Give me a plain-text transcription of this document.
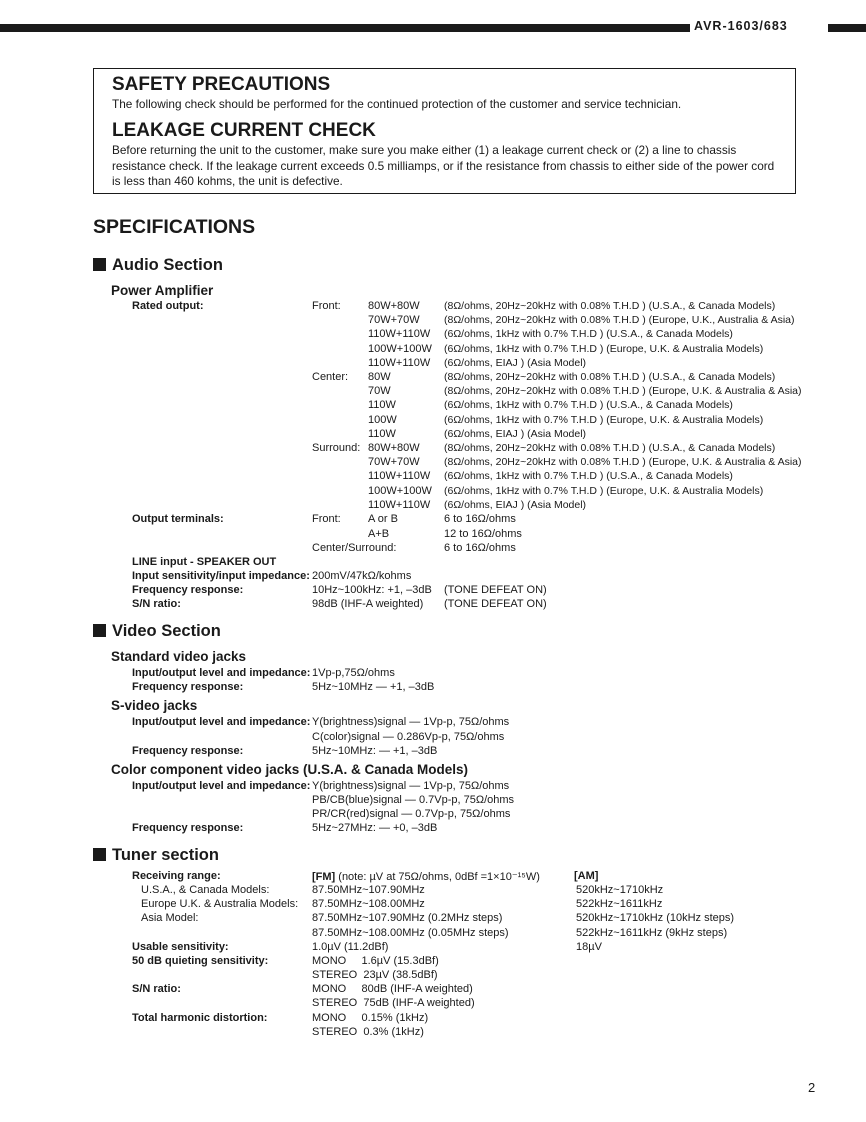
AVR-1603/683
SAFETY PRECAUTIONS
The following check should be performed for the continued protection of the customer and service technician.
LEAKAGE CURRENT CHECK
Before returning the unit to the customer, make sure you make either (1) a leakage current check or (2) a line to chassis resistance check. If the leakage current exceeds 0.5 milliamps, or if the resistance from chassis to either side of the power cord is less than 460 kohms, the unit is defective.
SPECIFICATIONS
Audio Section
Power Amplifier
Rated output:	Front: 80W+80W (8Ω/ohms, 20Hz~20kHz with 0.08% T.H.D ) (U.S.A., & Canada Models)
70W+70W (8Ω/ohms, 20Hz~20kHz with 0.08% T.H.D ) (Europe, U.K., Australia & Asia)
110W+110W (6Ω/ohms, 1kHz with 0.7% T.H.D ) (U.S.A., & Canada Models)
100W+100W (6Ω/ohms, 1kHz with 0.7% T.H.D ) (Europe, U.K. & Australia Models)
110W+110W (6Ω/ohms, EIAJ ) (Asia Model)
Center: 80W	(8Ω/ohms, 20Hz~20kHz with 0.08% T.H.D ) (U.S.A., & Canada Models)
70W	(8Ω/ohms, 20Hz~20kHz with 0.08% T.H.D ) (Europe, U.K. & Australia & Asia)
110W	(6Ω/ohms, 1kHz with 0.7% T.H.D ) (U.S.A., & Canada Models)
100W	(6Ω/ohms, 1kHz with 0.7% T.H.D ) (Europe, U.K. & Australia Models)
110W	(6Ω/ohms, EIAJ ) (Asia Model)
Surround: 80W+80W (8Ω/ohms, 20Hz~20kHz with 0.08% T.H.D ) (U.S.A., & Canada Models)
70W+70W (8Ω/ohms, 20Hz~20kHz with 0.08% T.H.D ) (Europe, U.K. & Australia & Asia)
110W+110W (6Ω/ohms, 1kHz with 0.7% T.H.D ) (U.S.A., & Canada Models)
100W+100W (6Ω/ohms, 1kHz with 0.7% T.H.D ) (Europe, U.K. & Australia Models)
110W+110W (6Ω/ohms, EIAJ ) (Asia Model)
Output terminals:	Front: A or B	6 to 16Ω/ohms
A+B	12 to 16Ω/ohms
Center/Surround:	6 to 16Ω/ohms
LINE input - SPEAKER OUT
Input sensitivity/input impedance: 200mV/47kΩ/kohms
Frequency response:	10Hz~100kHz: +1, –3dB (TONE DEFEAT ON)
S/N ratio:	98dB (IHF-A weighted) (TONE DEFEAT ON)
Video Section
Standard video jacks
Input/output level and impedance: 1Vp-p,75Ω/ohms
Frequency response:	5Hz~10MHz — +1, –3dB
S-video jacks
Input/output level and impedance: Y(brightness)signal — 1Vp-p, 75Ω/ohms
C(color)signal — 0.286Vp-p, 75Ω/ohms
Frequency response:	5Hz~10MHz: — +1, –3dB
Color component video jacks (U.S.A. & Canada Models)
Input/output level and impedance: Y(brightness)signal — 1Vp-p, 75Ω/ohms
PB/CB(blue)signal — 0.7Vp-p, 75Ω/ohms
PR/CR(red)signal — 0.7Vp-p, 75Ω/ohms
Frequency response:	5Hz~27MHz: — +0, –3dB
Tuner section
Receiving range:	[FM] (note: µV at 75Ω/ohms, 0dBf =1×10⁻¹⁵W)	[AM]
U.S.A., & Canada Models:	87.50MHz~107.90MHz	520kHz~1710kHz
Europe U.K. & Australia Models: 87.50MHz~108.00MHz	522kHz~1611kHz
Asia Model:	87.50MHz~107.90MHz (0.2MHz steps)	520kHz~1710kHz (10kHz steps)
87.50MHz~108.00MHz (0.05MHz steps)	522kHz~1611kHz (9kHz steps)
Usable sensitivity:	1.0µV (11.2dBf)	18µV
50 dB quieting sensitivity:	MONO     1.6µV (15.3dBf)
STEREO  23µV (38.5dBf)
S/N ratio:	MONO     80dB (IHF-A weighted)
STEREO  75dB (IHF-A weighted)
Total harmonic distortion:	MONO     0.15% (1kHz)
STEREO  0.3% (1kHz)
2
